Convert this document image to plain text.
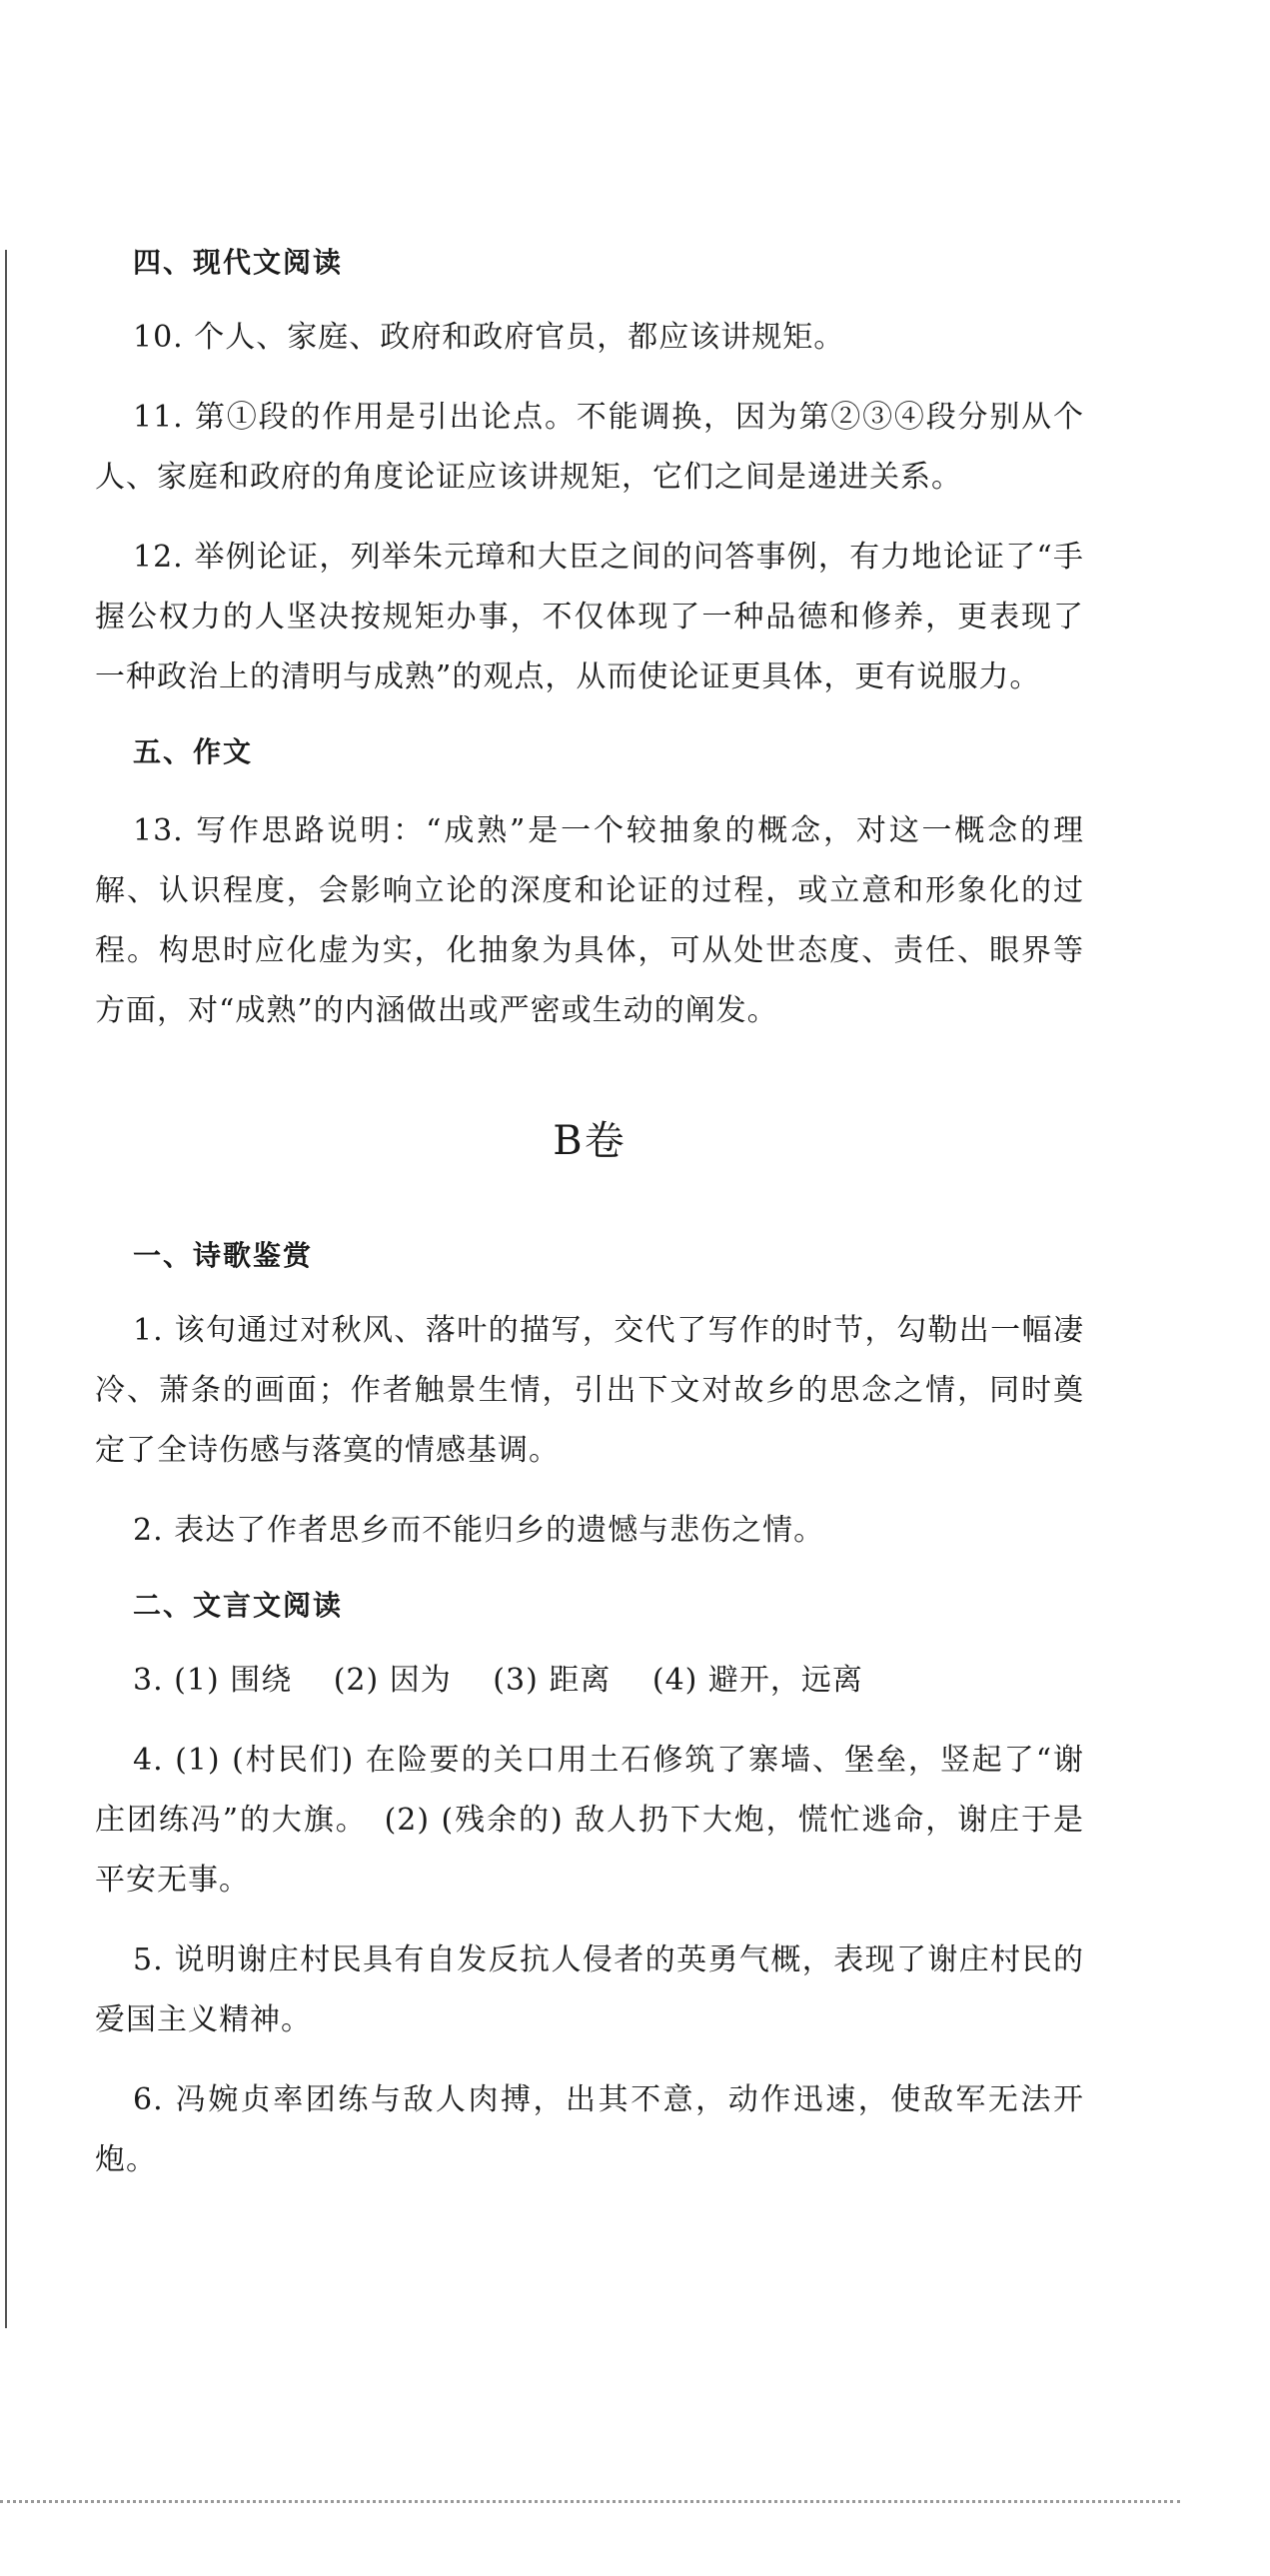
四、现代文阅读

10. 个人、家庭、政府和政府官员，都应该讲规矩。

11. 第①段的作用是引出论点。不能调换，因为第②③④段分别从个人、家庭和政府的角度论证应该讲规矩，它们之间是递进关系。

12. 举例论证，列举朱元璋和大臣之间的问答事例，有力地论证了“手握公权力的人坚决按规矩办事，不仅体现了一种品德和修养，更表现了一种政治上的清明与成熟”的观点，从而使论证更具体，更有说服力。

五、作文

13. 写作思路说明：“成熟”是一个较抽象的概念，对这一概念的理解、认识程度，会影响立论的深度和论证的过程，或立意和形象化的过程。构思时应化虚为实，化抽象为具体，可从处世态度、责任、眼界等方面，对“成熟”的内涵做出或严密或生动的阐发。

B卷

一、诗歌鉴赏

1. 该句通过对秋风、落叶的描写，交代了写作的时节，勾勒出一幅凄冷、萧条的画面；作者触景生情，引出下文对故乡的思念之情，同时奠定了全诗伤感与落寞的情感基调。

2. 表达了作者思乡而不能归乡的遗憾与悲伤之情。

二、文言文阅读

3. (1) 围绕　 (2) 因为　 (3) 距离　 (4) 避开，远离

4. (1) (村民们) 在险要的关口用土石修筑了寨墙、堡垒，竖起了“谢庄团练冯”的大旗。　(2) (残余的) 敌人扔下大炮，慌忙逃命，谢庄于是平安无事。

5. 说明谢庄村民具有自发反抗人侵者的英勇气概，表现了谢庄村民的爱国主义精神。

6. 冯婉贞率团练与敌人肉搏，出其不意，动作迅速，使敌军无法开炮。
